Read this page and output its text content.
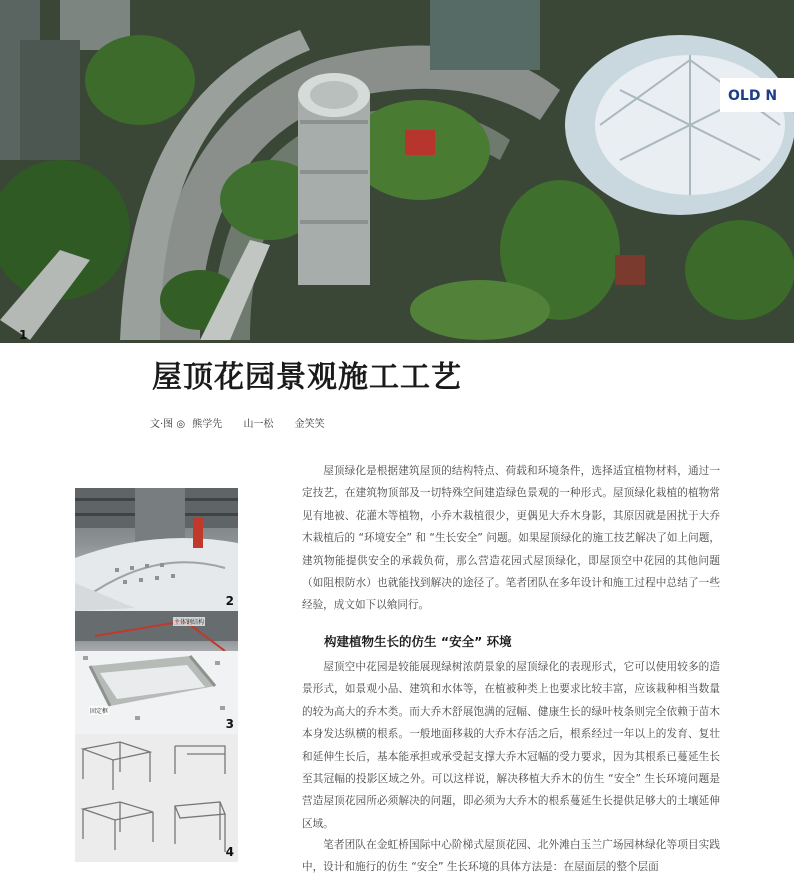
OLD N
1
屋顶花园景观施工工艺
文·图 ◎ 熊学先 山一松 金笑笑

屋顶绿化是根据建筑屋顶的结构特点、荷载和环境条件，选择适宜植物材料，通过一定技艺，在建筑物顶部及一切特殊空间建造绿色景观的一种形式。屋顶绿化栽植的植物常见有地被、花灌木等植物，小乔木栽植很少，更偶见大乔木身影，其原因就是困扰于大乔木栽植后的 “环境安全” 和 “生长安全” 问题。如果屋顶绿化的施工技艺解决了如上问题，建筑物能提供安全的承载负荷，那么营造花园式屋顶绿化，即屋顶空中花园的其他问题（如阻根防水）也就能找到解决的途径了。笔者团队在多年设计和施工过程中总结了一些经验，成文如下以飨同行。

构建植物生长的仿生 “安全” 环境

屋顶空中花园是较能展现绿树浓荫景象的屋顶绿化的表现形式，它可以使用较多的造景形式，如景观小品、建筑和水体等，在植被种类上也要求比较丰富，应该栽种相当数量的较为高大的乔木类。而大乔木舒展饱满的冠幅、健康生长的绿叶枝条则完全依赖于苗木本身发达纵横的根系。一般地面移栽的大乔木存活之后，根系经过一年以上的发育、复壮和延伸生长后，基本能承担或承受起支撑大乔木冠幅的受力要求，因为其根系已蔓延生长至其冠幅的投影区域之外。可以这样说，解决移植大乔木的仿生 “安全” 生长环境问题是营造屋顶花园所必须解决的问题，即必须为大乔木的根系蔓延生长提供足够大的土壤延伸区域。

笔者团队在金虹桥国际中心阶梯式屋顶花园、北外滩白玉兰广场园林绿化等项目实践中，设计和施行的仿生 “安全” 生长环境的具体方法是：在屋面层的整个层面

2
固定框
主体钢结构
3
4
